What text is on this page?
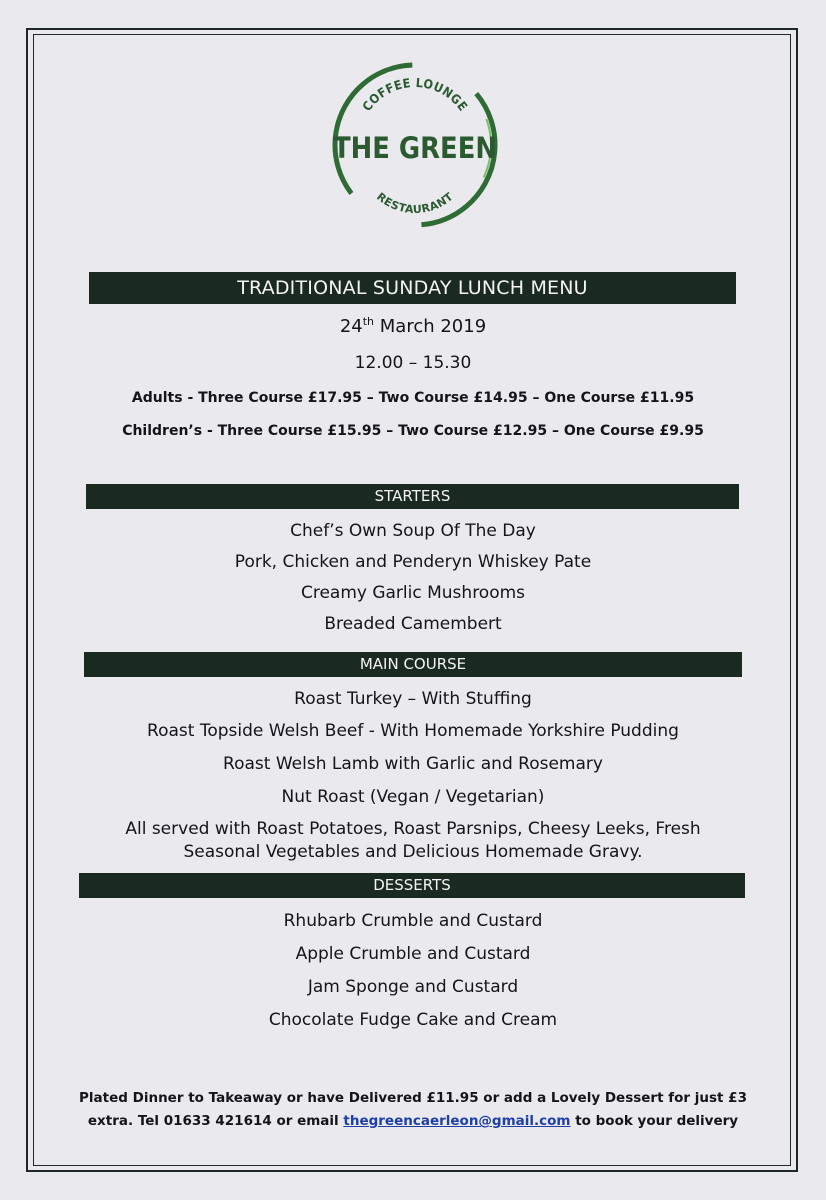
COFFEE LOUNGE
THE GREEN
RESTAURANT
TRADITIONAL SUNDAY LUNCH MENU
24th March 2019
12.00 – 15.30
Adults - Three Course £17.95 – Two Course £14.95 – One Course £11.95
Children’s - Three Course £15.95 – Two Course £12.95 – One Course £9.95
STARTERS
Chef’s Own Soup Of The Day
Pork, Chicken and Penderyn Whiskey Pate
Creamy Garlic Mushrooms
Breaded Camembert
MAIN COURSE
Roast Turkey – With Stuffing
Roast Topside Welsh Beef - With Homemade Yorkshire Pudding
Roast Welsh Lamb with Garlic and Rosemary
Nut Roast (Vegan / Vegetarian)
All served with Roast Potatoes, Roast Parsnips, Cheesy Leeks, Fresh
Seasonal Vegetables and Delicious Homemade Gravy.
DESSERTS
Rhubarb Crumble and Custard
Apple Crumble and Custard
Jam Sponge and Custard
Chocolate Fudge Cake and Cream
Plated Dinner to Takeaway or have Delivered £11.95 or add a Lovely Dessert for just £3
extra. Tel 01633 421614 or email thegreencaerleon@gmail.com to book your delivery
